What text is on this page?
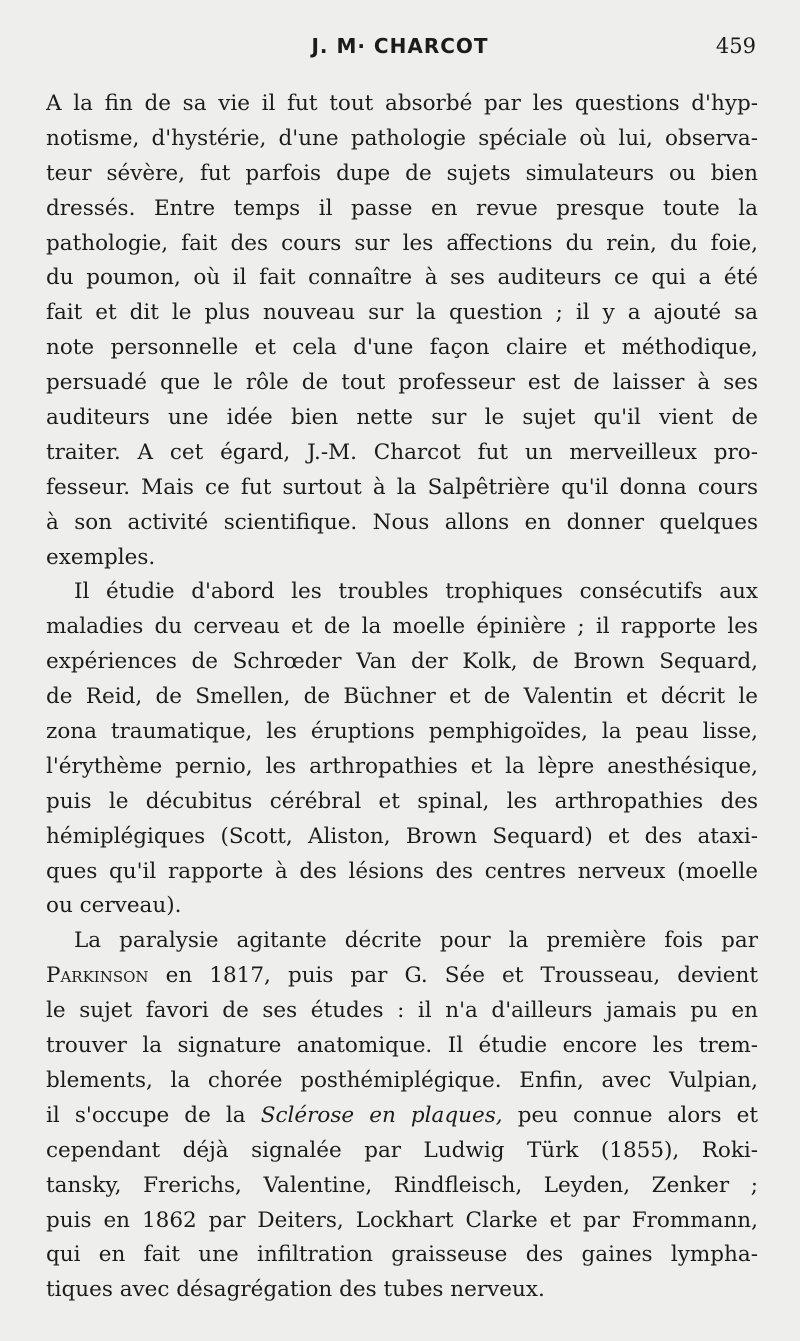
J. M· CHARCOT	459
A la fin de sa vie il fut tout absorbé par les questions d'hyp-
notisme, d'hystérie, d'une pathologie spéciale où lui, observa-
teur sévère, fut parfois dupe de sujets simulateurs ou bien
dressés. Entre temps il passe en revue presque toute la
pathologie, fait des cours sur les affections du rein, du foie,
du poumon, où il fait connaître à ses auditeurs ce qui a été
fait et dit le plus nouveau sur la question ; il y a ajouté sa
note personnelle et cela d'une façon claire et méthodique,
persuadé que le rôle de tout professeur est de laisser à ses
auditeurs une idée bien nette sur le sujet qu'il vient de
traiter. A cet égard, J.-M. Charcot fut un merveilleux pro-
fesseur. Mais ce fut surtout à la Salpêtrière qu'il donna cours
à son activité scientifique. Nous allons en donner quelques
exemples.
Il étudie d'abord les troubles trophiques consécutifs aux
maladies du cerveau et de la moelle épinière ; il rapporte les
expériences de Schrœder Van der Kolk, de Brown Sequard,
de Reid, de Smellen, de Büchner et de Valentin et décrit le
zona traumatique, les éruptions pemphigoïdes, la peau lisse,
l'érythème pernio, les arthropathies et la lèpre anesthésique,
puis le décubitus cérébral et spinal, les arthropathies des
hémiplégiques (Scott, Aliston, Brown Sequard) et des ataxi-
ques qu'il rapporte à des lésions des centres nerveux (moelle
ou cerveau).
La paralysie agitante décrite pour la première fois par
Parkinson en 1817, puis par G. Sée et Trousseau, devient
le sujet favori de ses études : il n'a d'ailleurs jamais pu en
trouver la signature anatomique. Il étudie encore les trem-
blements, la chorée posthémiplégique. Enfin, avec Vulpian,
il s'occupe de la Sclérose en plaques, peu connue alors et
cependant déjà signalée par Ludwig Türk (1855), Roki-
tansky, Frerichs, Valentine, Rindfleisch, Leyden, Zenker ;
puis en 1862 par Deiters, Lockhart Clarke et par Frommann,
qui en fait une infiltration graisseuse des gaines lympha-
tiques avec désagrégation des tubes nerveux.
